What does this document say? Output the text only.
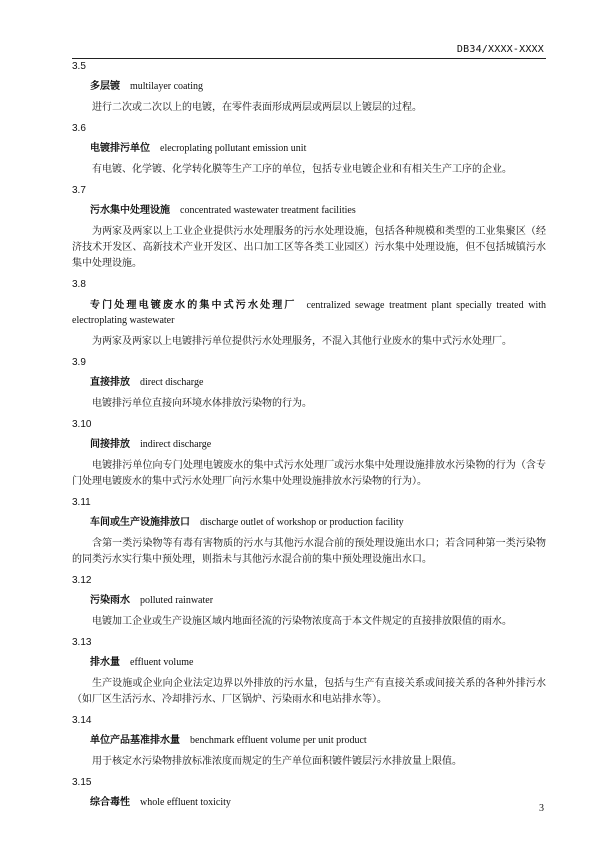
DB34/XXXX-XXXX
3.5
多层镀 multilayer coating
进行二次或二次以上的电镀，在零件表面形成两层或两层以上镀层的过程。
3.6
电镀排污单位 elecroplating pollutant emission unit
有电镀、化学镀、化学转化膜等生产工序的单位，包括专业电镀企业和有相关生产工序的企业。
3.7
污水集中处理设施 concentrated wastewater treatment facilities
为两家及两家以上工业企业提供污水处理服务的污水处理设施，包括各种规模和类型的工业集聚区（经济技术开发区、高新技术产业开发区、出口加工区等各类工业园区）污水集中处理设施，但不包括城镇污水集中处理设施。
3.8
专门处理电镀废水的集中式污水处理厂 centralized sewage treatment plant specially treated with electroplating wastewater
为两家及两家以上电镀排污单位提供污水处理服务，不混入其他行业废水的集中式污水处理厂。
3.9
直接排放 direct discharge
电镀排污单位直接向环境水体排放污染物的行为。
3.10
间接排放 indirect discharge
电镀排污单位向专门处理电镀废水的集中式污水处理厂或污水集中处理设施排放水污染物的行为（含专门处理电镀废水的集中式污水处理厂向污水集中处理设施排放水污染物的行为）。
3.11
车间或生产设施排放口 discharge outlet of workshop or production facility
含第一类污染物等有毒有害物质的污水与其他污水混合前的预处理设施出水口；若含同种第一类污染物的同类污水实行集中预处理，则指未与其他污水混合前的集中预处理设施出水口。
3.12
污染雨水 polluted rainwater
电镀加工企业或生产设施区域内地面径流的污染物浓度高于本文件规定的直接排放限值的雨水。
3.13
排水量 effluent volume
生产设施或企业向企业法定边界以外排放的污水量，包括与生产有直接关系或间接关系的各种外排污水（如厂区生活污水、冷却排污水、厂区锅炉、污染雨水和电站排水等）。
3.14
单位产品基准排水量 benchmark effluent volume per unit product
用于核定水污染物排放标准浓度而规定的生产单位面积镀件镀层污水排放量上限值。
3.15
综合毒性 whole effluent toxicity
3
